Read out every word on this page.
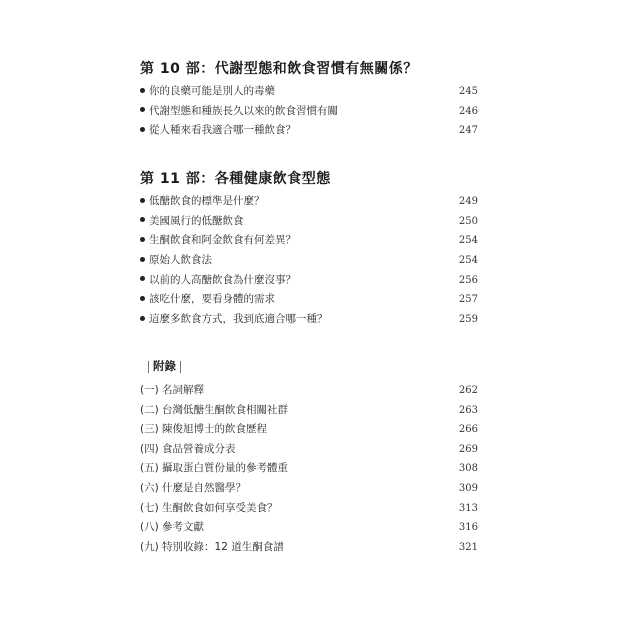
第 10 部：代謝型態和飲食習慣有無關係？
你的良藥可能是別人的毒藥	245
代謝型態和種族長久以來的飲食習慣有關	246
從人種來看我適合哪一種飲食？	247
第 11 部：各種健康飲食型態
低醣飲食的標準是什麼？	249
美國風行的低醣飲食	250
生酮飲食和阿金飲食有何差異？	254
原始人飲食法	254
以前的人高醣飲食為什麼沒事？	256
該吃什麼，要看身體的需求	257
這麼多飲食方式，我到底適合哪一種？	259
附錄
(一) 名詞解釋	262
(二) 台灣低醣生酮飲食相關社群	263
(三) 陳俊旭博士的飲食歷程	266
(四) 食品營養成分表	269
(五) 攝取蛋白質份量的參考體重	308
(六) 什麼是自然醫學？	309
(七) 生酮飲食如何享受美食？	313
(八) 參考文獻	316
(九) 特別收錄：12 道生酮食譜	321
